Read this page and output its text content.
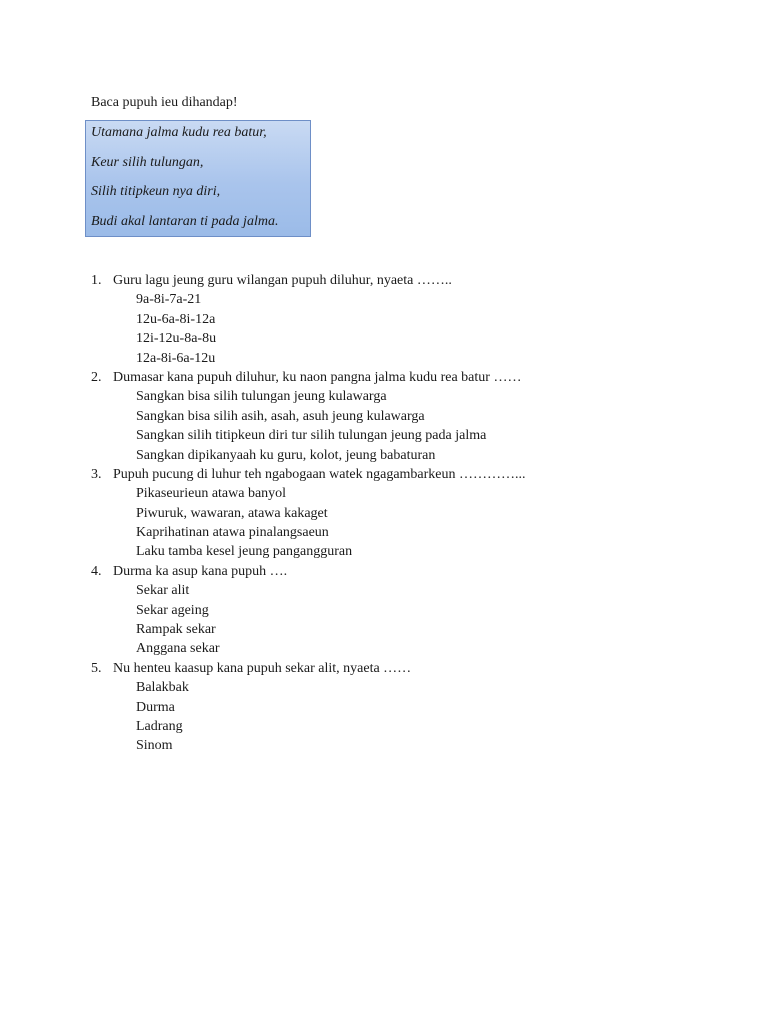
Baca pupuh ieu dihandap!
Utamana jalma kudu rea batur,
Keur silih tulungan,
Silih titipkeun nya diri,
Budi akal lantaran ti pada jalma.
1. Guru lagu jeung guru wilangan pupuh diluhur, nyaeta ……..
9a-8i-7a-21
12u-6a-8i-12a
12i-12u-8a-8u
12a-8i-6a-12u
2. Dumasar kana pupuh diluhur, ku naon pangna jalma kudu rea batur ……
Sangkan bisa silih tulungan jeung kulawarga
Sangkan bisa silih asih, asah, asuh jeung kulawarga
Sangkan silih titipkeun diri tur silih tulungan jeung pada jalma
Sangkan dipikanyaah ku guru, kolot, jeung babaturan
3. Pupuh pucung di luhur teh ngabogaan watek ngagambarkeun …………...
Pikaseurieun atawa banyol
Piwuruk, wawaran, atawa kakaget
Kaprihatinan atawa pinalangsaeun
Laku tamba kesel jeung pangangguran
4. Durma ka asup kana pupuh ….
Sekar alit
Sekar ageing
Rampak sekar
Anggana sekar
5. Nu henteu kaasup kana pupuh sekar alit, nyaeta ……
Balakbak
Durma
Ladrang
Sinom
